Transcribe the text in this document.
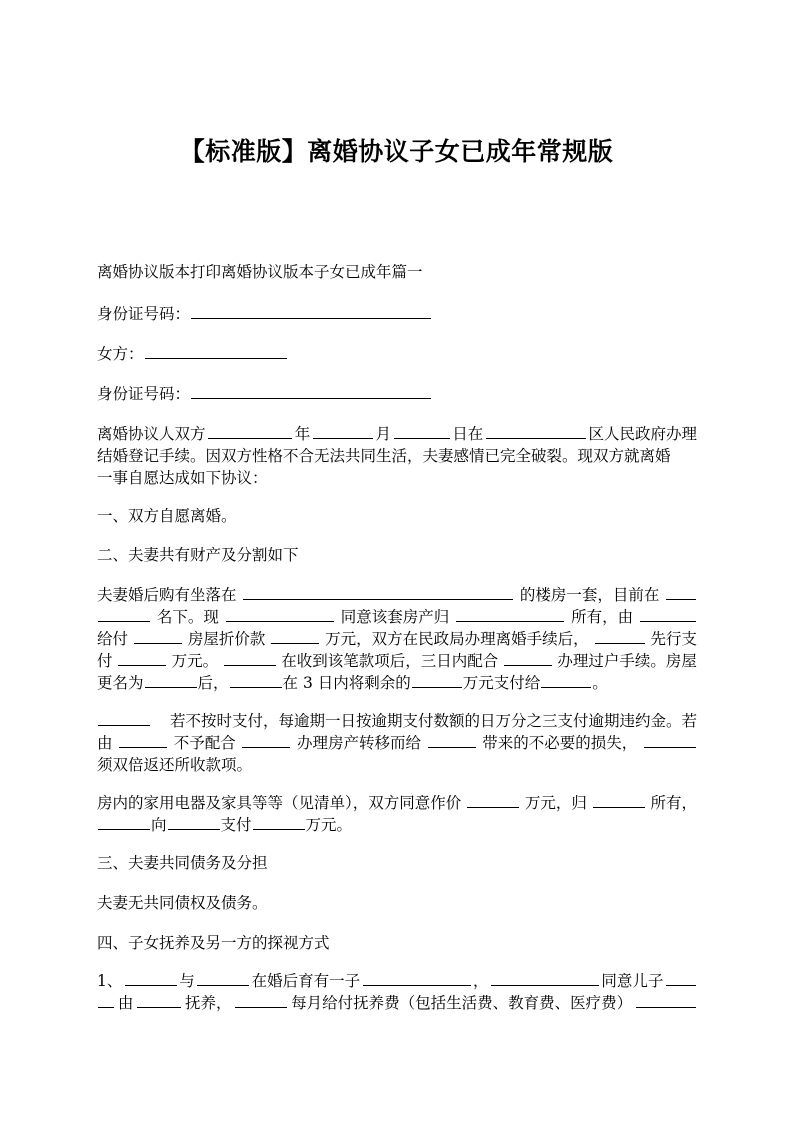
【标准版】离婚协议子女已成年常规版
离婚协议版本打印离婚协议版本子女已成年篇一
身份证号码：
女方：
身份证号码：
离婚协议人双方	年	月	日在	区人民政府办理
结婚登记手续。因双方性格不合无法共同生活，夫妻感情已完全破裂。现双方就离婚
一事自愿达成如下协议：
一、双方自愿离婚。
二、夫妻共有财产及分割如下
夫妻婚后购有坐落在	的楼房一套，目前在
名下。现	同意该套房产归	所有，由
给付	房屋折价款	万元，双方在民政局办理离婚手续后，	先行支
付	万元。	在收到该笔款项后，三日内配合	办理过户手续。房屋
更名为	后，	在 3 日内将剩余的	万元支付给	。
若不按时支付，每逾期一日按逾期支付数额的日万分之三支付逾期违约金。若
由	不予配合	办理房产转移而给	带来的不必要的损失，
须双倍返还所收款项。
房内的家用电器及家具等等（见清单），双方同意作价	万元，归	所有，
向	支付	万元。
三、夫妻共同债务及分担
夫妻无共同债权及债务。
四、子女抚养及另一方的探视方式
1、	与	在婚后育有一子	，	同意儿子
由	抚养，	每月给付抚养费（包括生活费、教育费、医疗费）
